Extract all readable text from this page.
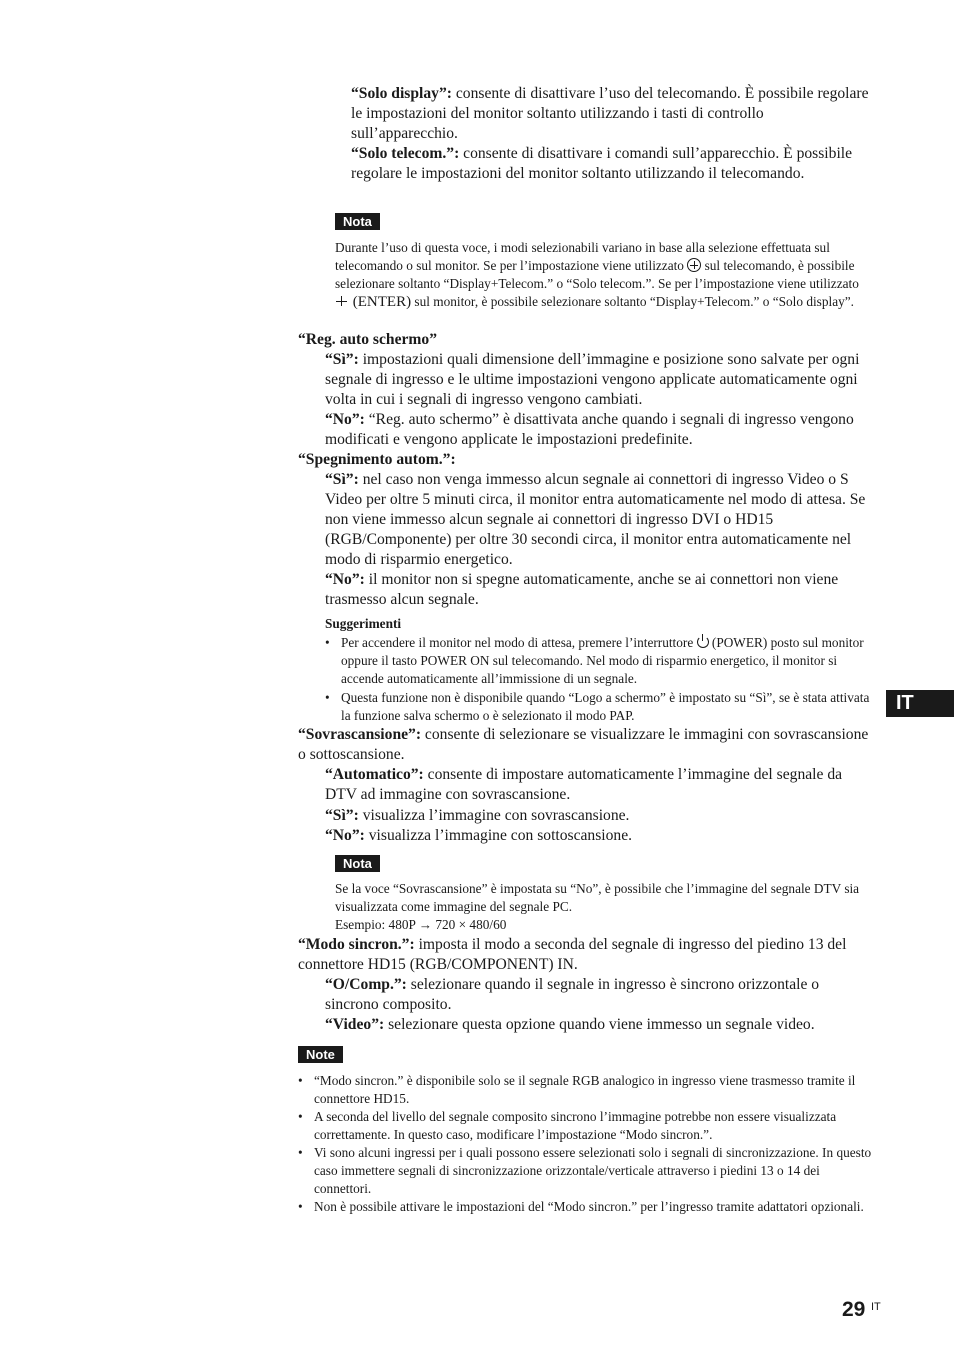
“Solo display”: consente di disattivare l’uso del telecomando. È possibile regolare le impostazioni del monitor soltanto utilizzando i tasti di controllo sull’apparecchio.
“Solo telecom.”: consente di disattivare i comandi sull’apparecchio. È possibile regolare le impostazioni del monitor soltanto utilizzando il telecomando.
Nota
Durante l’uso di questa voce, i modi selezionabili variano in base alla selezione effettuata sul telecomando o sul monitor. Se per l’impostazione viene utilizzato  sul telecomando, è possibile selezionare soltanto “Display+Telecom.” o “Solo telecom.”. Se per l’impostazione viene utilizzato  (ENTER) sul monitor, è possibile selezionare soltanto “Display+Telecom.” o “Solo display”.
“Reg. auto schermo”
“Sì”: impostazioni quali dimensione dell’immagine e posizione sono salvate per ogni segnale di ingresso e le ultime impostazioni vengono applicate automaticamente ogni volta in cui i segnali di ingresso vengono cambiati.
“No”: “Reg. auto schermo” è disattivata anche quando i segnali di ingresso vengono modificati e vengono applicate le impostazioni predefinite.
“Spegnimento autom.”:
“Sì”: nel caso non venga immesso alcun segnale ai connettori di ingresso Video o S Video per oltre 5 minuti circa, il monitor entra automaticamente nel modo di attesa. Se non viene immesso alcun segnale ai connettori di ingresso DVI o HD15 (RGB/Componente) per oltre 30 secondi circa, il monitor entra automaticamente nel modo di risparmio energetico.
“No”: il monitor non si spegne automaticamente, anche se ai connettori non viene trasmesso alcun segnale.
Suggerimenti
• Per accendere il monitor nel modo di attesa, premere l’interruttore  (POWER) posto sul monitor oppure il tasto POWER ON sul telecomando. Nel modo di risparmio energetico, il monitor si accende automaticamente all’immissione di un segnale.
• Questa funzione non è disponibile quando “Logo a schermo” è impostato su “Sì”, se è stata attivata la funzione salva schermo o è selezionato il modo PAP.
IT
“Sovrascansione”: consente di selezionare se visualizzare le immagini con sovrascansione o sottoscansione.
“Automatico”: consente di impostare automaticamente l’immagine del segnale da DTV ad immagine con sovrascansione.
“Sì”: visualizza l’immagine con sovrascansione.
“No”: visualizza l’immagine con sottoscansione.
Nota
Se la voce “Sovrascansione” è impostata su “No”, è possibile che l’immagine del segnale DTV sia visualizzata come immagine del segnale PC.
Esempio: 480P → 720 × 480/60
“Modo sincron.”: imposta il modo a seconda del segnale di ingresso del piedino 13 del connettore HD15 (RGB/COMPONENT) IN.
“O/Comp.”: selezionare quando il segnale in ingresso è sincrono orizzontale o sincrono composito.
“Video”: selezionare questa opzione quando viene immesso un segnale video.
Note
• “Modo sincron.” è disponibile solo se il segnale RGB analogico in ingresso viene trasmesso tramite il connettore HD15.
• A seconda del livello del segnale composito sincrono l’immagine potrebbe non essere visualizzata correttamente. In questo caso, modificare l’impostazione “Modo sincron.”.
• Vi sono alcuni ingressi per i quali possono essere selezionati solo i segnali di sincronizzazione. In questo caso immettere segnali di sincronizzazione orizzontale/verticale attraverso i piedini 13 o 14 dei connettori.
• Non è possibile attivare le impostazioni del “Modo sincron.” per l’ingresso tramite adattatori opzionali.
29 IT
